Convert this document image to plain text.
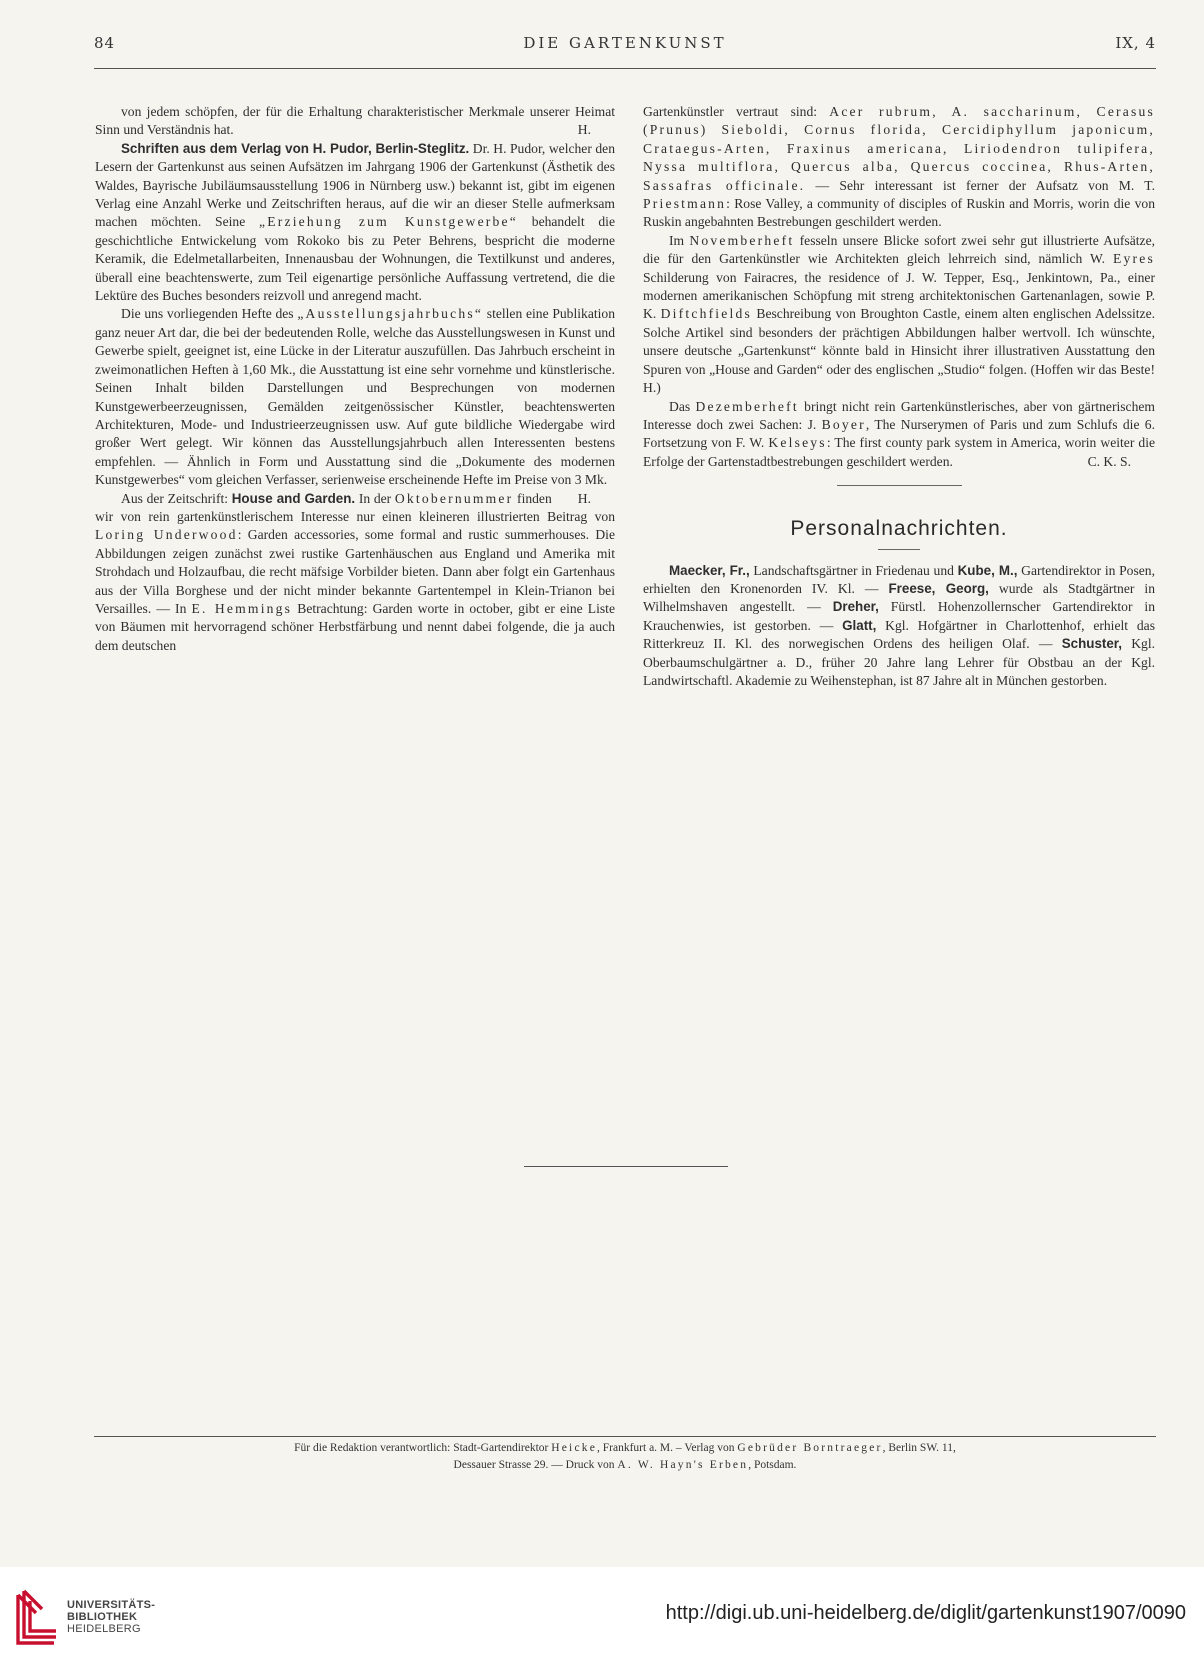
84	DIE GARTENKUNST	IX, 4

von jedem schöpfen, der für die Erhaltung charakteristischer Merkmale unserer Heimat Sinn und Verständnis hat.	H.

Schriften aus dem Verlag von H. Pudor, Berlin-Steglitz. Dr. H. Pudor, welcher den Lesern der Gartenkunst aus seinen Aufsätzen im Jahrgang 1906 der Gartenkunst (Ästhetik des Waldes, Bayrische Jubiläumsausstellung 1906 in Nürnberg usw.) bekannt ist, gibt im eigenen Verlag eine Anzahl Werke und Zeitschriften heraus, auf die wir an dieser Stelle aufmerksam machen möchten. Seine „Erziehung zum Kunstgewerbe“ behandelt die geschichtliche Entwickelung vom Rokoko bis zu Peter Behrens, bespricht die moderne Keramik, die Edelmetallarbeiten, Innenausbau der Wohnungen, die Textilkunst und anderes, überall eine beachtenswerte, zum Teil eigenartige persönliche Auffassung vertretend, die die Lektüre des Buches besonders reizvoll und anregend macht.

Die uns vorliegenden Hefte des „Ausstellungsjahrbuchs“ stellen eine Publikation ganz neuer Art dar, die bei der bedeutenden Rolle, welche das Ausstellungswesen in Kunst und Gewerbe spielt, geeignet ist, eine Lücke in der Literatur auszufüllen. Das Jahrbuch erscheint in zweimonatlichen Heften à 1,60 Mk., die Ausstattung ist eine sehr vornehme und künstlerische. Seinen Inhalt bilden Darstellungen und Besprechungen von modernen Kunstgewerbeerzeugnissen, Gemälden zeitgenössischer Künstler, beachtenswerten Architekturen, Mode- und Industrieerzeugnissen usw. Auf gute bildliche Wiedergabe wird großer Wert gelegt. Wir können das Ausstellungsjahrbuch allen Interessenten bestens empfehlen. — Ähnlich in Form und Ausstattung sind die „Dokumente des modernen Kunstgewerbes“ vom gleichen Verfasser, serienweise erscheinende Hefte im Preise von 3 Mk.
H.

Aus der Zeitschrift: House and Garden. In der Oktobernummer finden wir von rein gartenkünstlerischem Interesse nur einen kleineren illustrierten Beitrag von Loring Underwood: Garden accessories, some formal and rustic summerhouses. Die Abbildungen zeigen zunächst zwei rustike Gartenhäuschen aus England und Amerika mit Strohdach und Holzaufbau, die recht mäfsige Vorbilder bieten. Dann aber folgt ein Gartenhaus aus der Villa Borghese und der nicht minder bekannte Gartentempel in Klein-Trianon bei Versailles. — In E. Hemmings Betrachtung: Garden worte in october, gibt er eine Liste von Bäumen mit hervorragend schöner Herbstfärbung und nennt dabei folgende, die ja auch dem deutschen

Gartenkünstler vertraut sind: Acer rubrum, A. saccharinum, Cerasus (Prunus) Sieboldi, Cornus florida, Cercidiphyllum japonicum, Crataegus-Arten, Fraxinus americana, Liriodendron tulipifera, Nyssa multiflora, Quercus alba, Quercus coccinea, Rhus-Arten, Sassafras officinale. — Sehr interessant ist ferner der Aufsatz von M. T. Priestmann: Rose Valley, a community of disciples of Ruskin and Morris, worin die von Ruskin angebahnten Bestrebungen geschildert werden.

Im Novemberheft fesseln unsere Blicke sofort zwei sehr gut illustrierte Aufsätze, die für den Gartenkünstler wie Architekten gleich lehrreich sind, nämlich W. Eyres Schilderung von Fairacres, the residence of J. W. Tepper, Esq., Jenkintown, Pa., einer modernen amerikanischen Schöpfung mit streng architektonischen Gartenanlagen, sowie P. K. Diftchfields Beschreibung von Broughton Castle, einem alten englischen Adelssitze. Solche Artikel sind besonders der prächtigen Abbildungen halber wertvoll. Ich wünschte, unsere deutsche „Gartenkunst“ könnte bald in Hinsicht ihrer illustrativen Ausstattung den Spuren von „House and Garden“ oder des englischen „Studio“ folgen. (Hoffen wir das Beste! H.)

Das Dezemberheft bringt nicht rein Gartenkünstlerisches, aber von gärtnerischem Interesse doch zwei Sachen: J. Boyer, The Nurserymen of Paris und zum Schlufs die 6. Fortsetzung von F. W. Kelseys: The first county park system in America, worin weiter die Erfolge der Gartenstadtbestrebungen geschildert werden.	C. K. S.

Personalnachrichten.

Maecker, Fr., Landschaftsgärtner in Friedenau und Kube, M., Gartendirektor in Posen, erhielten den Kronenorden IV. Kl. — Freese, Georg, wurde als Stadtgärtner in Wilhelmshaven angestellt. — Dreher, Fürstl. Hohenzollernscher Gartendirektor in Krauchenwies, ist gestorben. — Glatt, Kgl. Hofgärtner in Charlottenhof, erhielt das Ritterkreuz II. Kl. des norwegischen Ordens des heiligen Olaf. — Schuster, Kgl. Oberbaumschulgärtner a. D., früher 20 Jahre lang Lehrer für Obstbau an der Kgl. Landwirtschaftl. Akademie zu Weihenstephan, ist 87 Jahre alt in München gestorben.

Für die Redaktion verantwortlich: Stadt-Gartendirektor Heicke, Frankfurt a. M. – Verlag von Gebrüder Borntraeger, Berlin SW. 11,
Dessauer Strasse 29. — Druck von A. W. Hayn's Erben, Potsdam.
UNIVERSITÄTS-
BIBLIOTHEK
HEIDELBERG
http://digi.ub.uni-heidelberg.de/diglit/gartenkunst1907/0090
